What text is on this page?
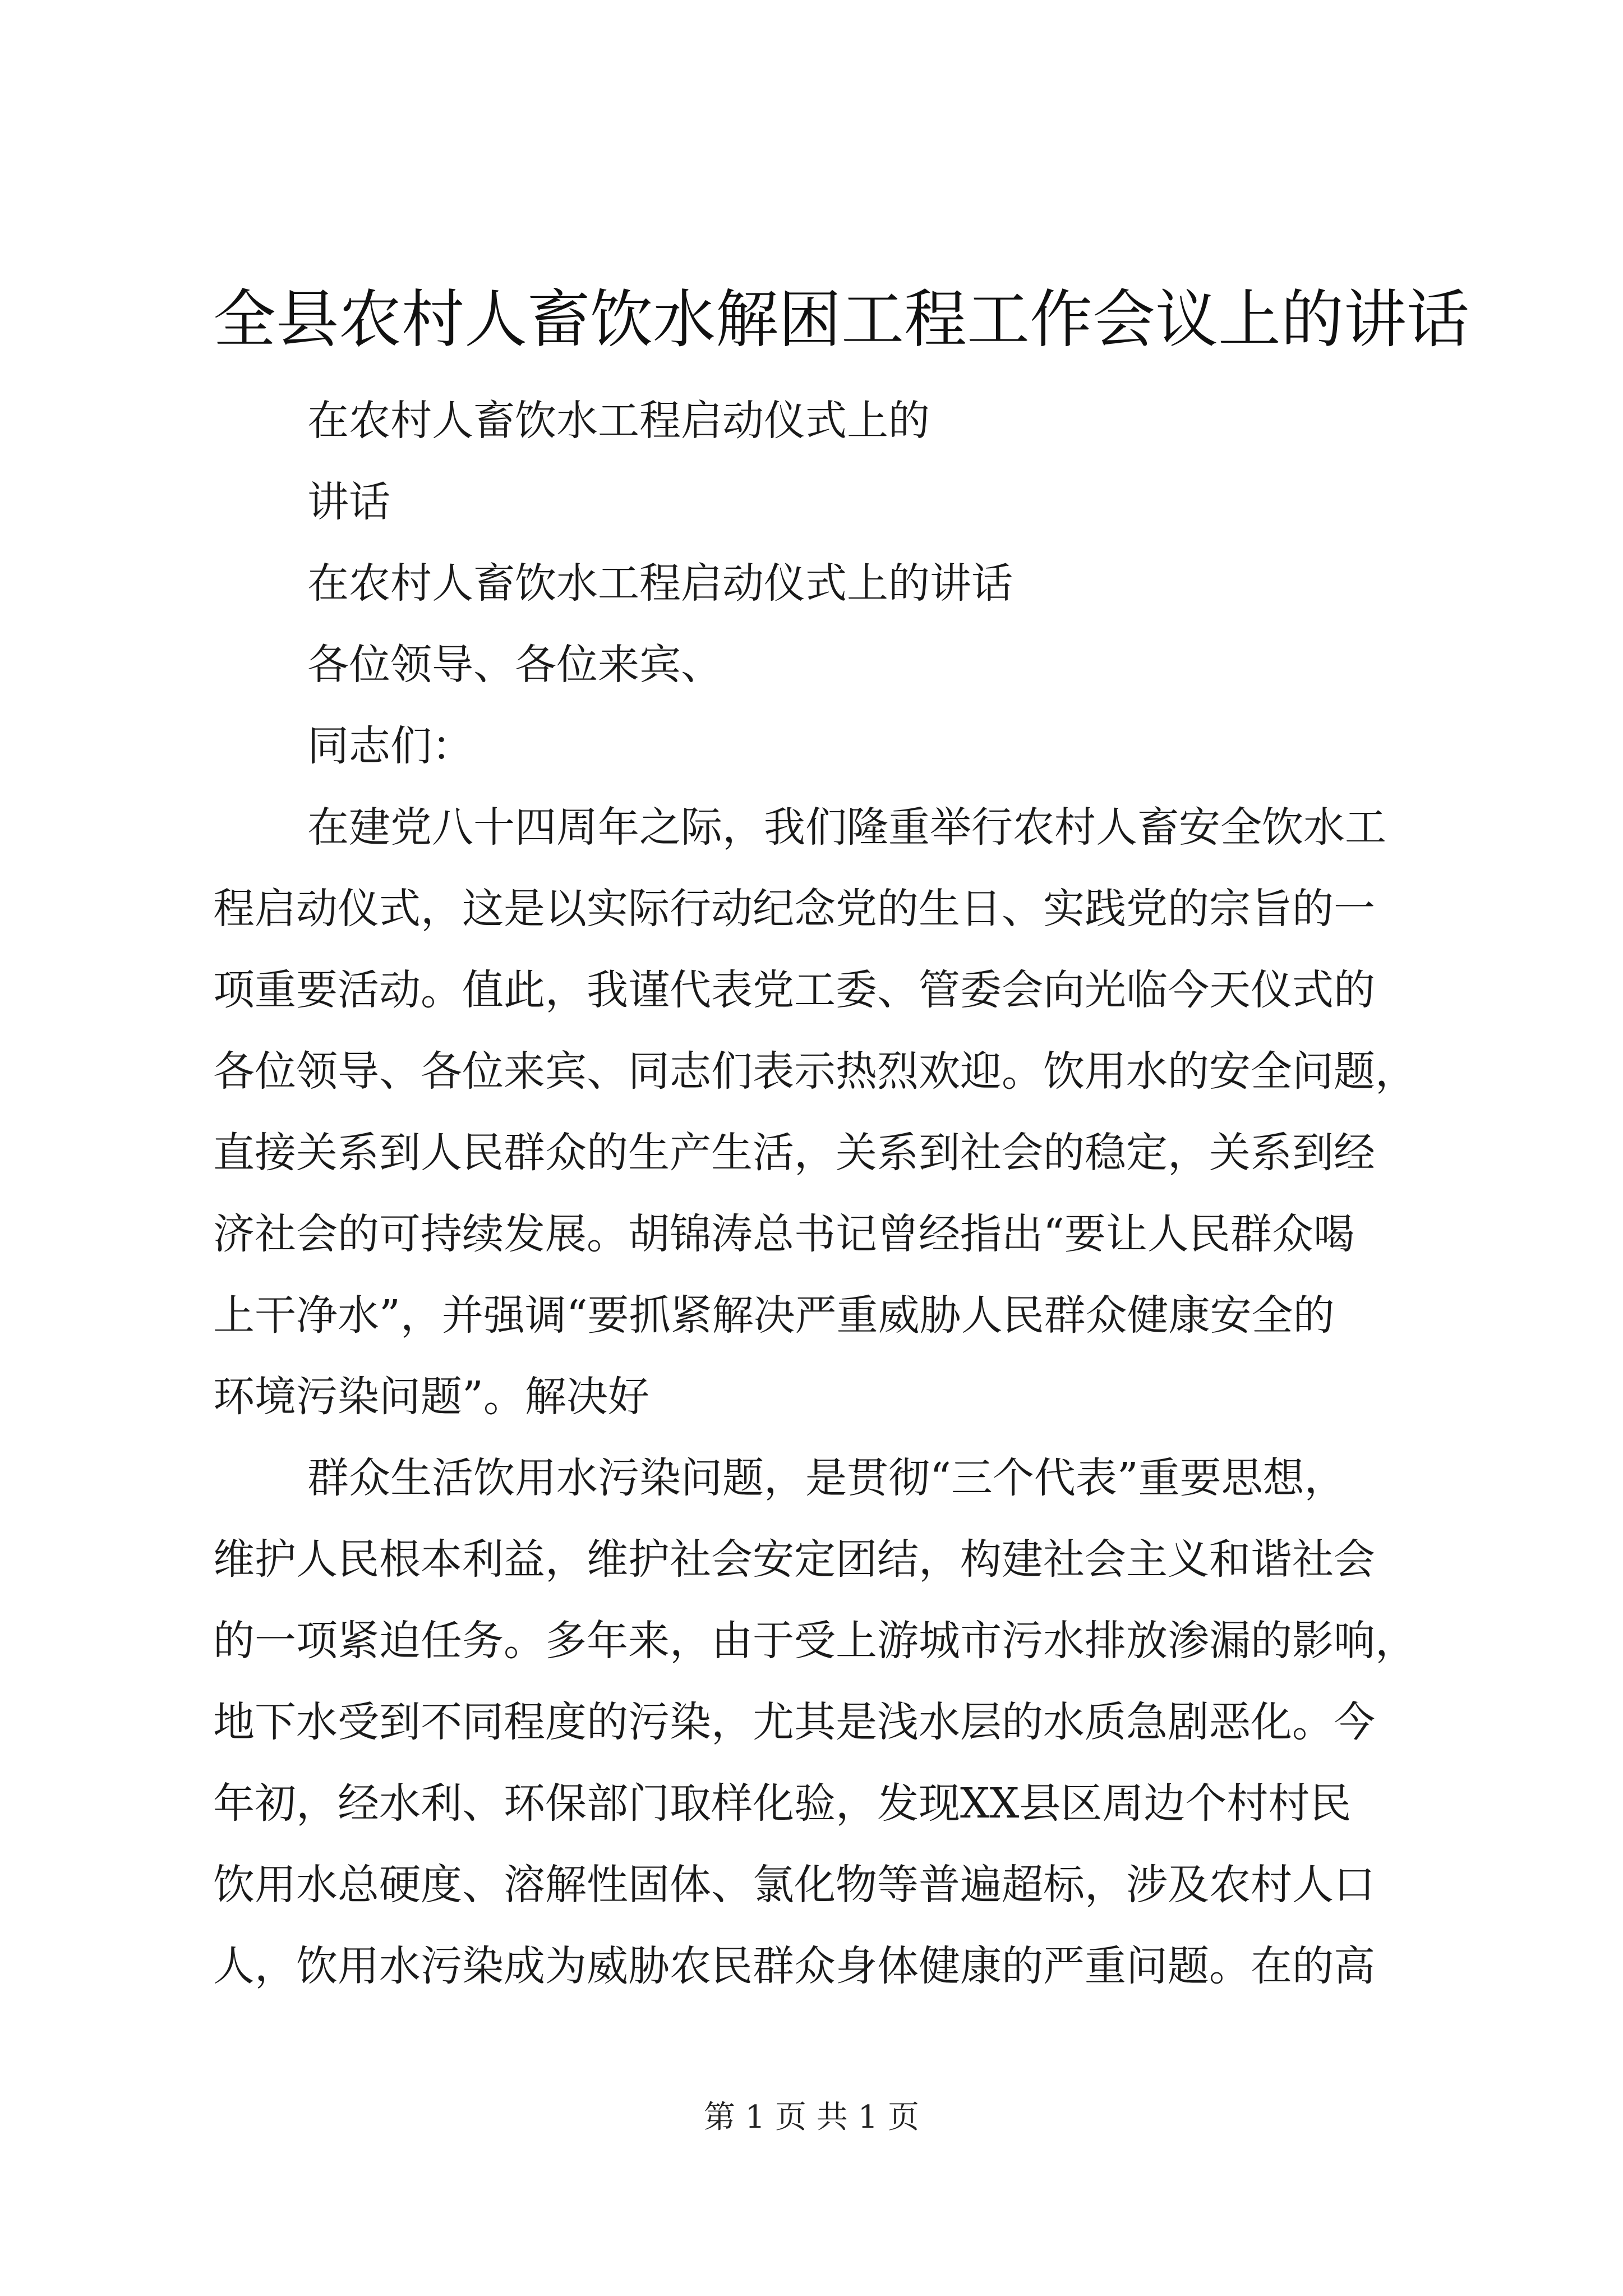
全县农村人畜饮水解困工程工作会议上的讲话

在农村人畜饮水工程启动仪式上的

讲话

在农村人畜饮水工程启动仪式上的讲话

各位领导、各位来宾、

同志们：

在建党八十四周年之际，我们隆重举行农村人畜安全饮水工

程启动仪式，这是以实际行动纪念党的生日、实践党的宗旨的一

项重要活动。值此，我谨代表党工委、管委会向光临今天仪式的

各位领导、各位来宾、同志们表示热烈欢迎。饮用水的安全问题，

直接关系到人民群众的生产生活，关系到社会的稳定，关系到经

济社会的可持续发展。胡锦涛总书记曾经指出“要让人民群众喝

上干净水”，并强调“要抓紧解决严重威胁人民群众健康安全的

环境污染问题”。解决好

群众生活饮用水污染问题，是贯彻“三个代表”重要思想，

维护人民根本利益，维护社会安定团结，构建社会主义和谐社会

的一项紧迫任务。多年来，由于受上游城市污水排放渗漏的影响，

地下水受到不同程度的污染，尤其是浅水层的水质急剧恶化。今

年初，经水利、环保部门取样化验，发现XX县区周边个村村民

饮用水总硬度、溶解性固体、氯化物等普遍超标，涉及农村人口

人，饮用水污染成为威胁农民群众身体健康的严重问题。在的高

第 1 页 共 1 页
